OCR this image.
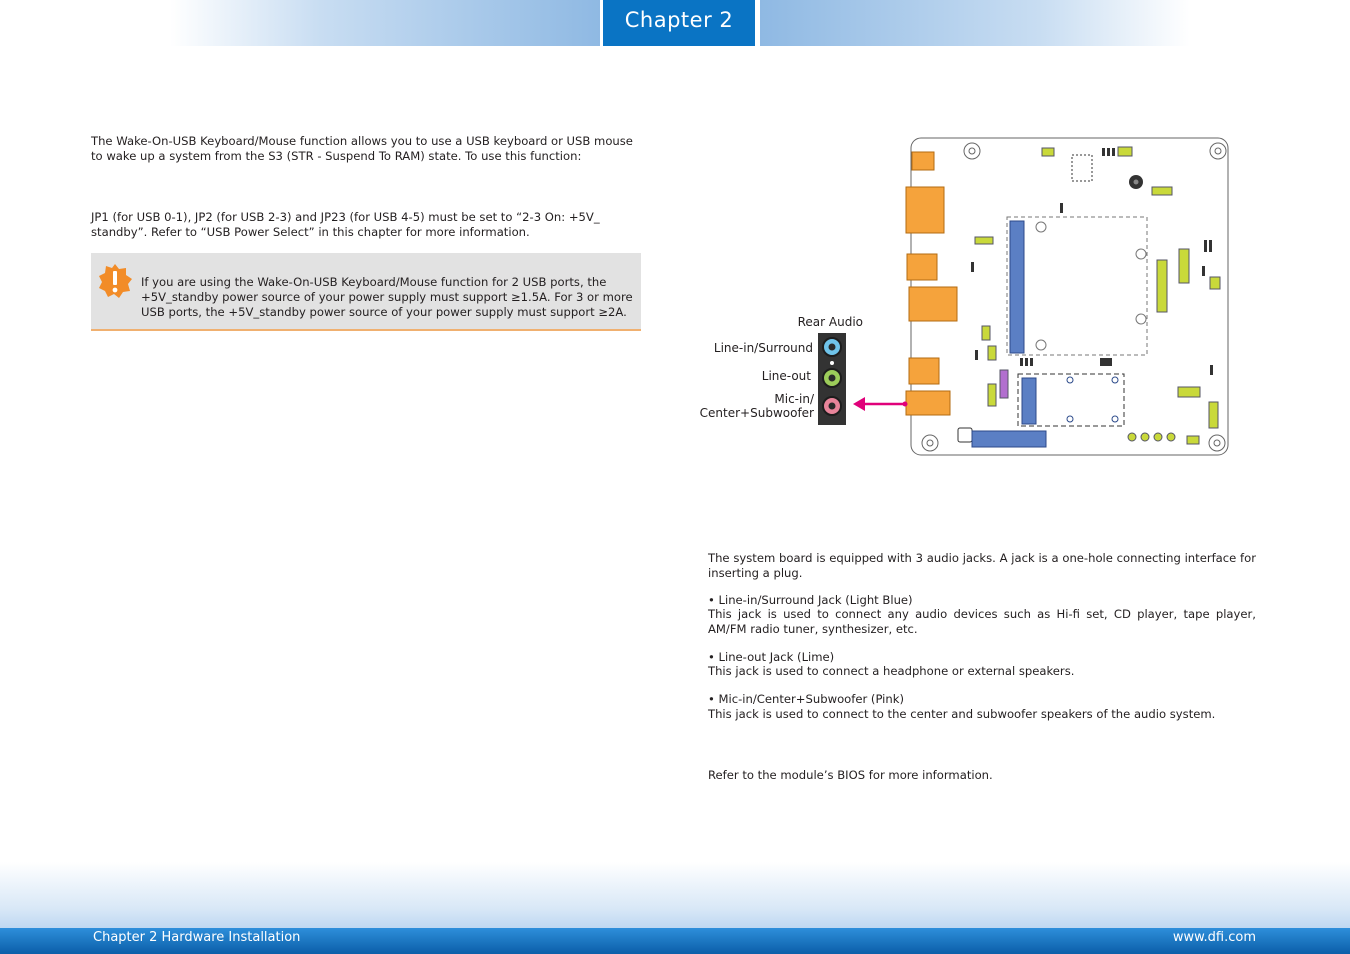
Chapter 2

The Wake-On-USB Keyboard/Mouse function allows you to use a USB keyboard or USB mouse to wake up a system from the S3 (STR - Suspend To RAM) state. To use this function:

JP1 (for USB 0-1), JP2 (for USB 2-3) and JP23 (for USB 4-5) must be set to “2-3 On: +5V_ standby”. Refer to “USB Power Select” in this chapter for more information.

If you are using the Wake-On-USB Keyboard/Mouse function for 2 USB ports, the +5V_standby power source of your power supply must support ≥1.5A. For 3 or more USB ports, the +5V_standby power source of your power supply must support ≥2A.

Rear Audio
Line-in/Surround
Line-out
Mic-in/
Center+Subwoofer

The system board is equipped with 3 audio jacks. A jack is a one-hole connecting interface for inserting a plug.

• Line-in/Surround Jack (Light Blue)

This jack is used to connect any audio devices such as Hi-fi set, CD player, tape player, AM/FM radio tuner, synthesizer, etc.

• Line-out Jack (Lime)

This jack is used to connect a headphone or external speakers.

• Mic-in/Center+Subwoofer (Pink)

This jack is used to connect to the center and subwoofer speakers of the audio system.

Refer to the module’s BIOS for more information.

Chapter 2 Hardware Installation	www.dfi.com
